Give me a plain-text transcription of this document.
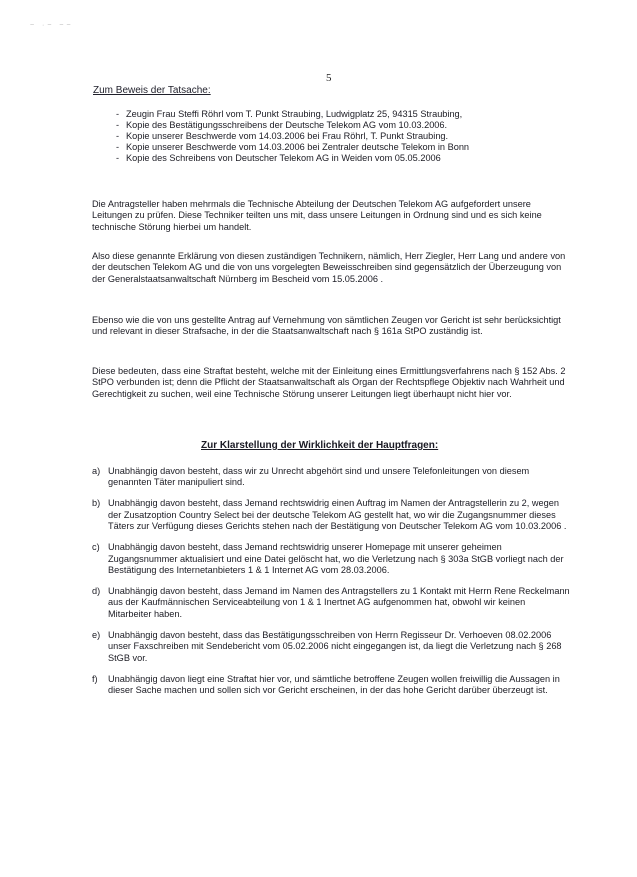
~ ·~ ~~
5
Zum Beweis der Tatsache:
- Zeugin Frau Steffi Röhrl vom T. Punkt Straubing, Ludwigplatz 25, 94315 Straubing,
- Kopie des Bestätigungsschreibens der Deutsche Telekom AG vom 10.03.2006.
- Kopie unserer Beschwerde vom 14.03.2006 bei Frau Röhrl, T. Punkt Straubing.
- Kopie unserer Beschwerde vom 14.03.2006 bei Zentraler deutsche Telekom in Bonn
- Kopie des Schreibens von Deutscher Telekom AG in Weiden vom 05.05.2006

Die Antragsteller haben mehrmals die Technische Abteilung der Deutschen Telekom AG aufgefordert unsere Leitungen zu prüfen. Diese Techniker teilten uns mit, dass unsere Leitungen in Ordnung sind und es sich keine technische Störung hierbei um handelt.

Also diese genannte Erklärung von diesen zuständigen Technikern, nämlich, Herr Ziegler, Herr Lang und andere von der deutschen Telekom AG und die von uns vorgelegten Beweisschreiben sind gegensätzlich der Überzeugung von der Generalstaatsanwaltschaft Nürnberg im Bescheid vom 15.05.2006 .

Ebenso wie die von uns gestellte Antrag auf Vernehmung von sämtlichen Zeugen vor Gericht ist sehr berücksichtigt und relevant in dieser Strafsache, in der die Staatsanwaltschaft nach § 161a StPO zuständig ist.

Diese bedeuten, dass eine Straftat besteht, welche mit der Einleitung eines Ermittlungsverfahrens nach § 152 Abs. 2 StPO verbunden ist; denn die Pflicht der Staatsanwaltschaft als Organ der Rechtspflege Objektiv nach Wahrheit und Gerechtigkeit zu suchen, weil eine Technische Störung unserer Leitungen liegt überhaupt nicht hier vor.

Zur Klarstellung der Wirklichkeit der Hauptfragen:
a) Unabhängig davon besteht, dass wir zu Unrecht abgehört sind und unsere Telefonleitungen von diesem genannten Täter manipuliert sind.
b) Unabhängig davon besteht, dass Jemand rechtswidrig einen Auftrag im Namen der Antragstellerin zu 2, wegen der Zusatzoption Country Select bei der deutsche Telekom AG gestellt hat, wo wir die Zugangsnummer dieses Täters zur Verfügung dieses Gerichts stehen nach der Bestätigung von Deutscher Telekom AG vom 10.03.2006 .
c) Unabhängig davon besteht, dass Jemand rechtswidrig unserer Homepage mit unserer geheimen Zugangsnummer aktualisiert und eine Datei gelöscht hat, wo die Verletzung nach § 303a StGB vorliegt nach der Bestätigung des Internetanbieters 1 & 1 Internet AG vom 28.03.2006.
d) Unabhängig davon besteht, dass Jemand im Namen des Antragstellers zu 1 Kontakt mit Herrn Rene Reckelmann aus der Kaufmännischen Serviceabteilung von 1 & 1 Inertnet AG aufgenommen hat, obwohl wir keinen Mitarbeiter haben.
e) Unabhängig davon besteht, dass das Bestätigungsschreiben von Herrn Regisseur Dr. Verhoeven 08.02.2006 unser Faxschreiben mit Sendebericht vom 05.02.2006 nicht eingegangen ist, da liegt die Verletzung nach § 268 StGB vor.
f)	Unabhängig davon liegt eine Straftat hier vor, und sämtliche betroffene Zeugen wollen freiwillig die Aussagen in dieser Sache machen und sollen sich vor Gericht erscheinen, in der das hohe Gericht darüber überzeugt ist.
